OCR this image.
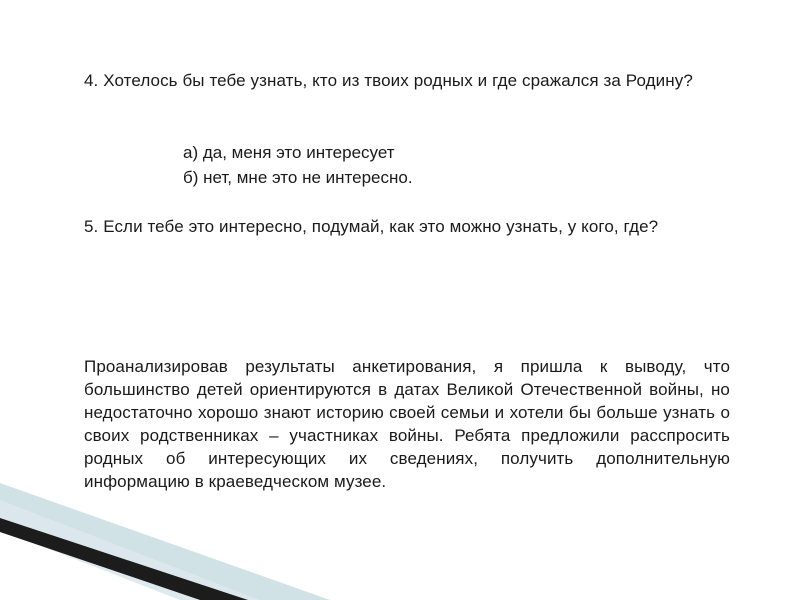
4. Хотелось бы тебе узнать, кто из твоих родных и где сражался за Родину?
а) да, меня это интересует
б) нет, мне это не интересно.
5. Если тебе это интересно, подумай, как это можно узнать, у кого, где?
Проанализировав результаты анкетирования, я пришла к выводу, что большинство детей ориентируются в датах Великой Отечественной войны, но недостаточно хорошо знают историю своей семьи и хотели бы больше узнать о своих родственниках – участниках войны. Ребята предложили расспросить родных об интересующих их сведениях, получить дополнительную информацию в краеведческом музее.
